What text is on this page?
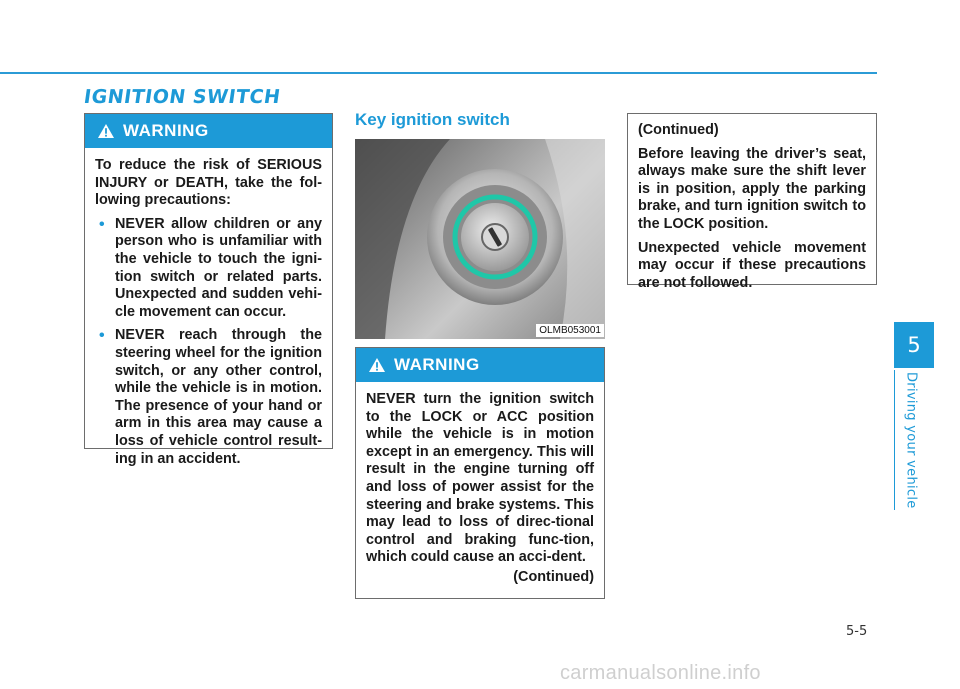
IGNITION SWITCH
WARNING

To reduce the risk of SERIOUS INJURY or DEATH, take the fol-lowing precautions:

• NEVER allow children or any person who is unfamiliar with the vehicle to touch the igni-tion switch or related parts. Unexpected and sudden vehi-cle movement can occur.
• NEVER reach through the steering wheel for the ignition switch, or any other control, while the vehicle is in motion. The presence of your hand or arm in this area may cause a loss of vehicle control result-ing in an accident.
Key ignition switch
OLMB053001
WARNING

NEVER turn the ignition switch to the LOCK or ACC position while the vehicle is in motion except in an emergency. This will result in the engine turning off and loss of power assist for the steering and brake systems. This may lead to loss of direc-tional control and braking func-tion, which could cause an acci-dent.

(Continued)

(Continued)

Before leaving the driver’s seat, always make sure the shift lever is in position, apply the parking brake, and turn ignition switch to the LOCK position.

Unexpected vehicle movement may occur if these precautions are not followed.

5
Driving your vehicle
5-5
carmanualsonline.info
